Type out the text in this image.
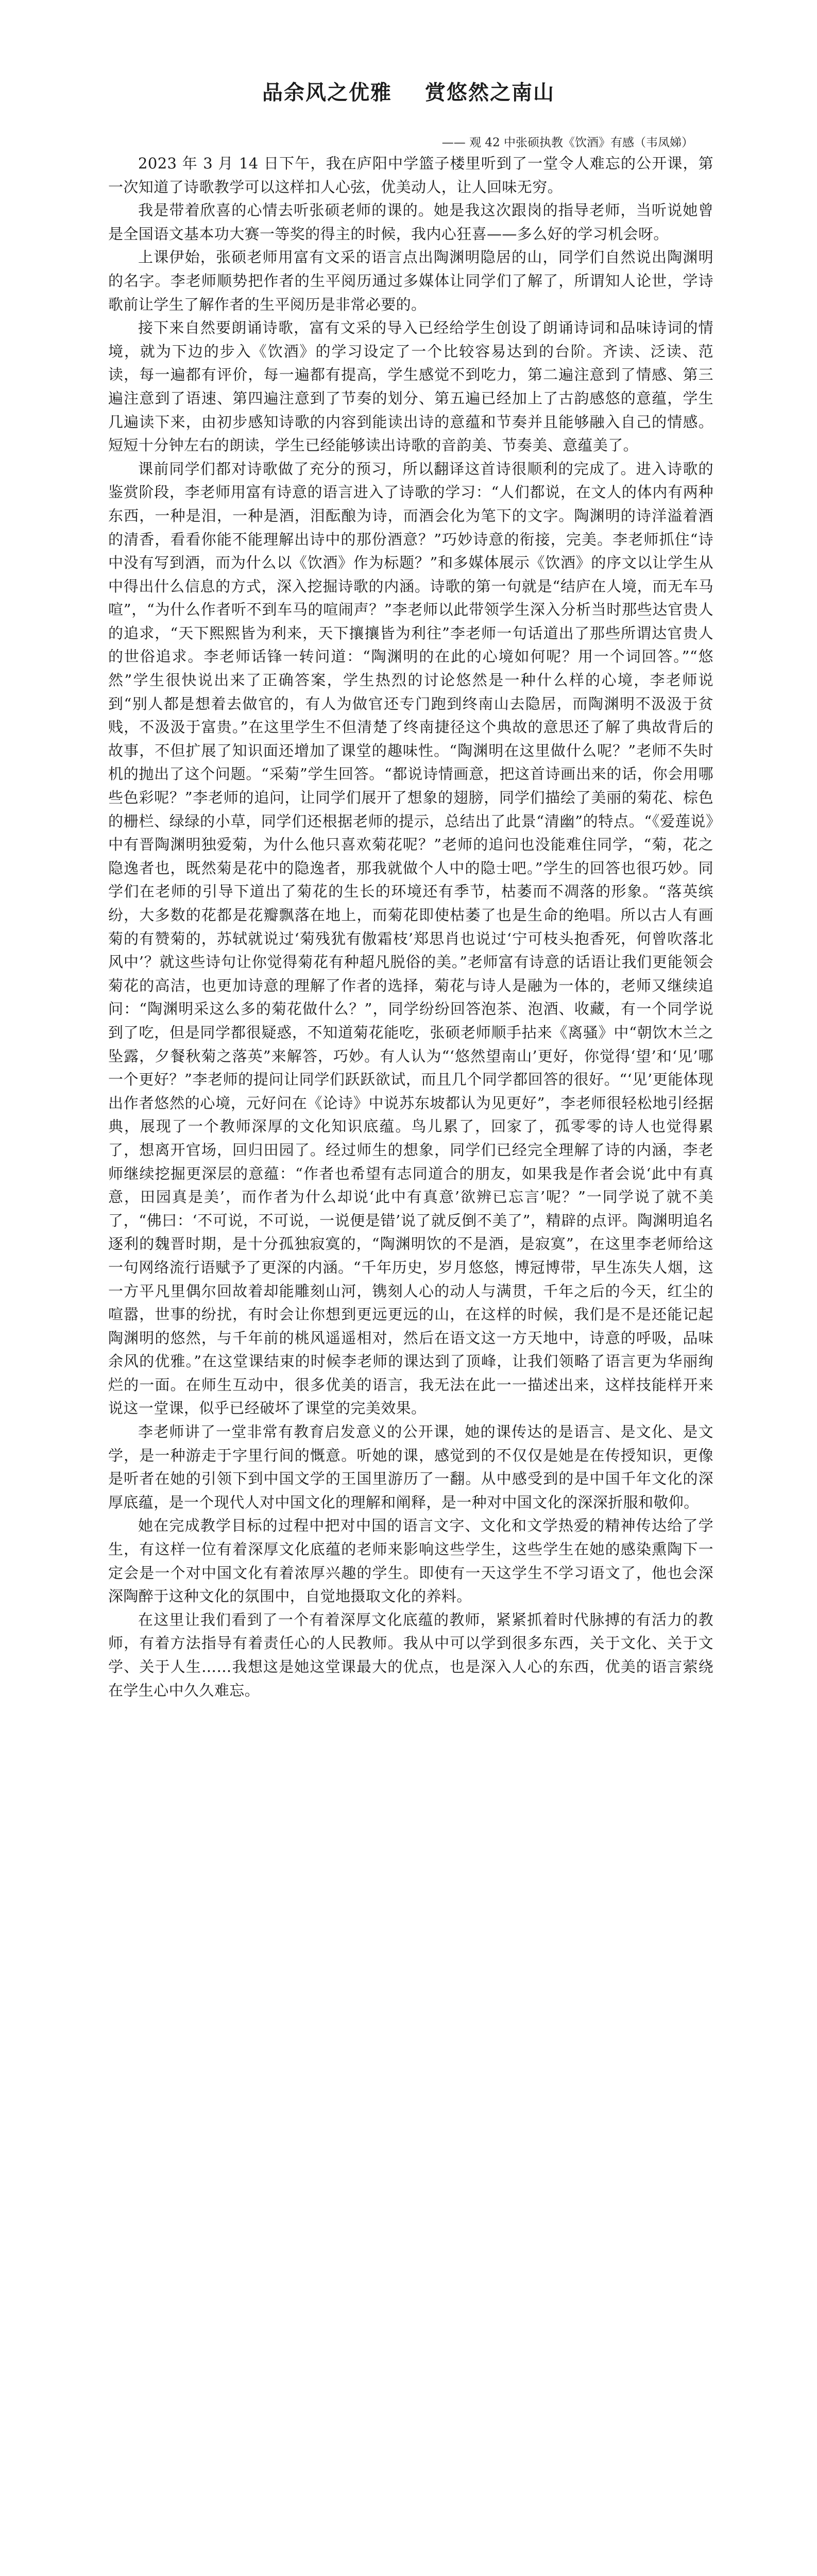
品余风之优雅 赏悠然之南山

—— 观 42 中张硕执教《饮酒》有感（韦凤娣）

2023 年 3 月 14 日下午，我在庐阳中学篮子楼里听到了一堂令人难忘的公开课，第一次知道了诗歌教学可以这样扣人心弦，优美动人，让人回味无穷。

我是带着欣喜的心情去听张硕老师的课的。她是我这次跟岗的指导老师，当听说她曾是全国语文基本功大赛一等奖的得主的时候，我内心狂喜——多么好的学习机会呀。

上课伊始，张硕老师用富有文采的语言点出陶渊明隐居的山，同学们自然说出陶渊明的名字。李老师顺势把作者的生平阅历通过多媒体让同学们了解了，所谓知人论世，学诗歌前让学生了解作者的生平阅历是非常必要的。

接下来自然要朗诵诗歌，富有文采的导入已经给学生创设了朗诵诗词和品味诗词的情境，就为下边的步入《饮酒》的学习设定了一个比较容易达到的台阶。齐读、泛读、范读，每一遍都有评价，每一遍都有提高，学生感觉不到吃力，第二遍注意到了情感、第三遍注意到了语速、第四遍注意到了节奏的划分、第五遍已经加上了古韵感悠的意蕴，学生几遍读下来，由初步感知诗歌的内容到能读出诗的意蕴和节奏并且能够融入自己的情感。短短十分钟左右的朗读，学生已经能够读出诗歌的音韵美、节奏美、意蕴美了。

课前同学们都对诗歌做了充分的预习，所以翻译这首诗很顺利的完成了。进入诗歌的鉴赏阶段，李老师用富有诗意的语言进入了诗歌的学习：“人们都说，在文人的体内有两种东西，一种是泪，一种是酒，泪酝酿为诗，而酒会化为笔下的文字。陶渊明的诗洋溢着酒的清香，看看你能不能理解出诗中的那份酒意？”巧妙诗意的衔接，完美。李老师抓住“诗中没有写到酒，而为什么以《饮酒》作为标题？”和多媒体展示《饮酒》的序文以让学生从中得出什么信息的方式，深入挖掘诗歌的内涵。诗歌的第一句就是“结庐在人境，而无车马喧”，“为什么作者听不到车马的喧闹声？”李老师以此带领学生深入分析当时那些达官贵人的追求，“天下熙熙皆为利来，天下攘攘皆为利往”李老师一句话道出了那些所谓达官贵人的世俗追求。李老师话锋一转问道：“陶渊明的在此的心境如何呢？用一个词回答。”“悠然”学生很快说出来了正确答案，学生热烈的讨论悠然是一种什么样的心境，李老师说到“别人都是想着去做官的，有人为做官还专门跑到终南山去隐居，而陶渊明不汲汲于贫贱，不汲汲于富贵。”在这里学生不但清楚了终南捷径这个典故的意思还了解了典故背后的故事，不但扩展了知识面还增加了课堂的趣味性。“陶渊明在这里做什么呢？”老师不失时机的抛出了这个问题。“采菊”学生回答。“都说诗情画意，把这首诗画出来的话，你会用哪些色彩呢？”李老师的追问，让同学们展开了想象的翅膀，同学们描绘了美丽的菊花、棕色的栅栏、绿绿的小草，同学们还根据老师的提示，总结出了此景“清幽”的特点。“《爱莲说》中有晋陶渊明独爱菊，为什么他只喜欢菊花呢？”老师的追问也没能难住同学，“菊，花之隐逸者也，既然菊是花中的隐逸者，那我就做个人中的隐士吧。”学生的回答也很巧妙。同学们在老师的引导下道出了菊花的生长的环境还有季节，枯萎而不凋落的形象。“落英缤纷，大多数的花都是花瓣飘落在地上，而菊花即使枯萎了也是生命的绝唱。所以古人有画菊的有赞菊的，苏轼就说过‘菊残犹有傲霜枝’郑思肖也说过‘宁可枝头抱香死，何曾吹落北风中’？就这些诗句让你觉得菊花有种超凡脱俗的美。”老师富有诗意的话语让我们更能领会菊花的高洁，也更加诗意的理解了作者的选择，菊花与诗人是融为一体的，老师又继续追问：“陶渊明采这么多的菊花做什么？”，同学纷纷回答泡茶、泡酒、收藏，有一个同学说到了吃，但是同学都很疑惑，不知道菊花能吃，张硕老师顺手拈来《离骚》中“朝饮木兰之坠露，夕餐秋菊之落英”来解答，巧妙。有人认为“‘悠然望南山’更好，你觉得‘望’和‘见’哪一个更好？”李老师的提问让同学们跃跃欲试，而且几个同学都回答的很好。“‘见’更能体现出作者悠然的心境，元好问在《论诗》中说苏东坡都认为见更好”，李老师很轻松地引经据典，展现了一个教师深厚的文化知识底蕴。鸟儿累了，回家了，孤零零的诗人也觉得累了，想离开官场，回归田园了。经过师生的想象，同学们已经完全理解了诗的内涵，李老师继续挖掘更深层的意蕴：“作者也希望有志同道合的朋友，如果我是作者会说‘此中有真意，田园真是美’，而作者为什么却说‘此中有真意’欲辨已忘言’呢？”一同学说了就不美了，“佛曰：‘不可说，不可说，一说便是错’说了就反倒不美了”，精辟的点评。陶渊明追名逐利的魏晋时期，是十分孤独寂寞的，“陶渊明饮的不是酒，是寂寞”，在这里李老师给这一句网络流行语赋予了更深的内涵。“千年历史，岁月悠悠，博冠博带，早生冻失人烟，这一方平凡里偶尔回故着却能雕刻山河，镌刻人心的动人与满贯，千年之后的今天，红尘的喧嚣，世事的纷扰，有时会让你想到更远更远的山，在这样的时候，我们是不是还能记起陶渊明的悠然，与千年前的桃风遥遥相对，然后在语文这一方天地中，诗意的呼吸，品味余风的优雅。”在这堂课结束的时候李老师的课达到了顶峰，让我们领略了语言更为华丽绚烂的一面。在师生互动中，很多优美的语言，我无法在此一一描述出来，这样技能样开来说这一堂课，似乎已经破坏了课堂的完美效果。

李老师讲了一堂非常有教育启发意义的公开课，她的课传达的是语言、是文化、是文学，是一种游走于字里行间的慨意。听她的课，感觉到的不仅仅是她是在传授知识，更像是听者在她的引领下到中国文学的王国里游历了一翻。从中感受到的是中国千年文化的深厚底蕴，是一个现代人对中国文化的理解和阐释，是一种对中国文化的深深折服和敬仰。

她在完成教学目标的过程中把对中国的语言文字、文化和文学热爱的精神传达给了学生，有这样一位有着深厚文化底蕴的老师来影响这些学生，这些学生在她的感染熏陶下一定会是一个对中国文化有着浓厚兴趣的学生。即使有一天这学生不学习语文了，他也会深深陶醉于这种文化的氛围中，自觉地摄取文化的养料。

在这里让我们看到了一个有着深厚文化底蕴的教师，紧紧抓着时代脉搏的有活力的教师，有着方法指导有着责任心的人民教师。我从中可以学到很多东西，关于文化、关于文学、关于人生……我想这是她这堂课最大的优点，也是深入人心的东西，优美的语言萦绕在学生心中久久难忘。
